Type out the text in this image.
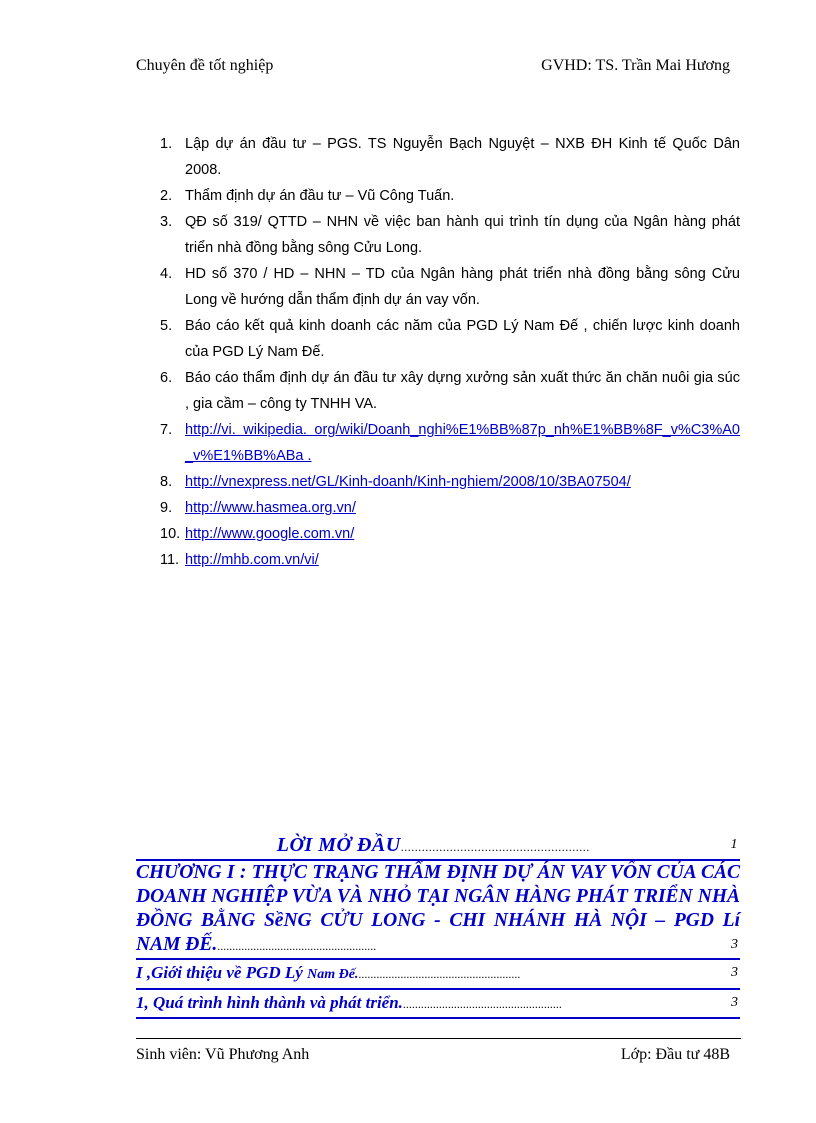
Chuyên đề tốt nghiệp	GVHD: TS. Trần Mai Hương
1. Lập dự án đầu tư – PGS. TS Nguyễn Bạch Nguyệt – NXB ĐH Kinh tế Quốc Dân 2008.
2. Thẩm định dự án đầu tư – Vũ Công Tuấn.
3. QĐ số 319/ QTTD – NHN về việc ban hành qui trình tín dụng của Ngân hàng phát triển nhà đồng bằng sông Cửu Long.
4. HD số 370 / HD – NHN – TD của Ngân hàng phát triển nhà đồng bằng sông Cửu Long về hướng dẫn thẩm định dự án vay vốn.
5. Báo cáo kết quả kinh doanh các năm của PGD Lý Nam Đế , chiến lược kinh doanh của PGD Lý Nam Đế.
6. Báo cáo thẩm định dự án đầu tư xây dựng xưởng sản xuất thức ăn chăn nuôi gia súc , gia cầm – công ty TNHH VA.
7. http://vi. wikipedia. org/wiki/Doanh_nghi%E1%BB%87p_nh%E1%BB%8F_v%C3%A0_v%E1%BB%ABa .
8. http://vnexpress.net/GL/Kinh-doanh/Kinh-nghiem/2008/10/3BA07504/
9. http://www.hasmea.org.vn/
10. http://www.google.com.vn/
11. http://mhb.com.vn/vi/
LỜI MỞ ĐẦU......................................................	1
CHƯƠNG I : THỰC TRẠNG THẨM ĐỊNH DỰ ÁN VAY VỐN CỦA CÁC DOANH NGHIỆP VỪA VÀ NHỎ TẠI NGÂN HÀNG PHÁT TRIỂN NHÀ ĐỒNG BẰNG SềNG CỬU LONG - CHI NHÁNH HÀ NỘI – PGD Lí NAM ĐẾ......................................................	3
I ,Giới thiệu về PGD Lý Nam Đế.......................................................	3
1, Quá trình hình thành và phát triển......................................................	3
Sinh viên: Vũ Phương Anh	Lớp: Đầu tư 48B
